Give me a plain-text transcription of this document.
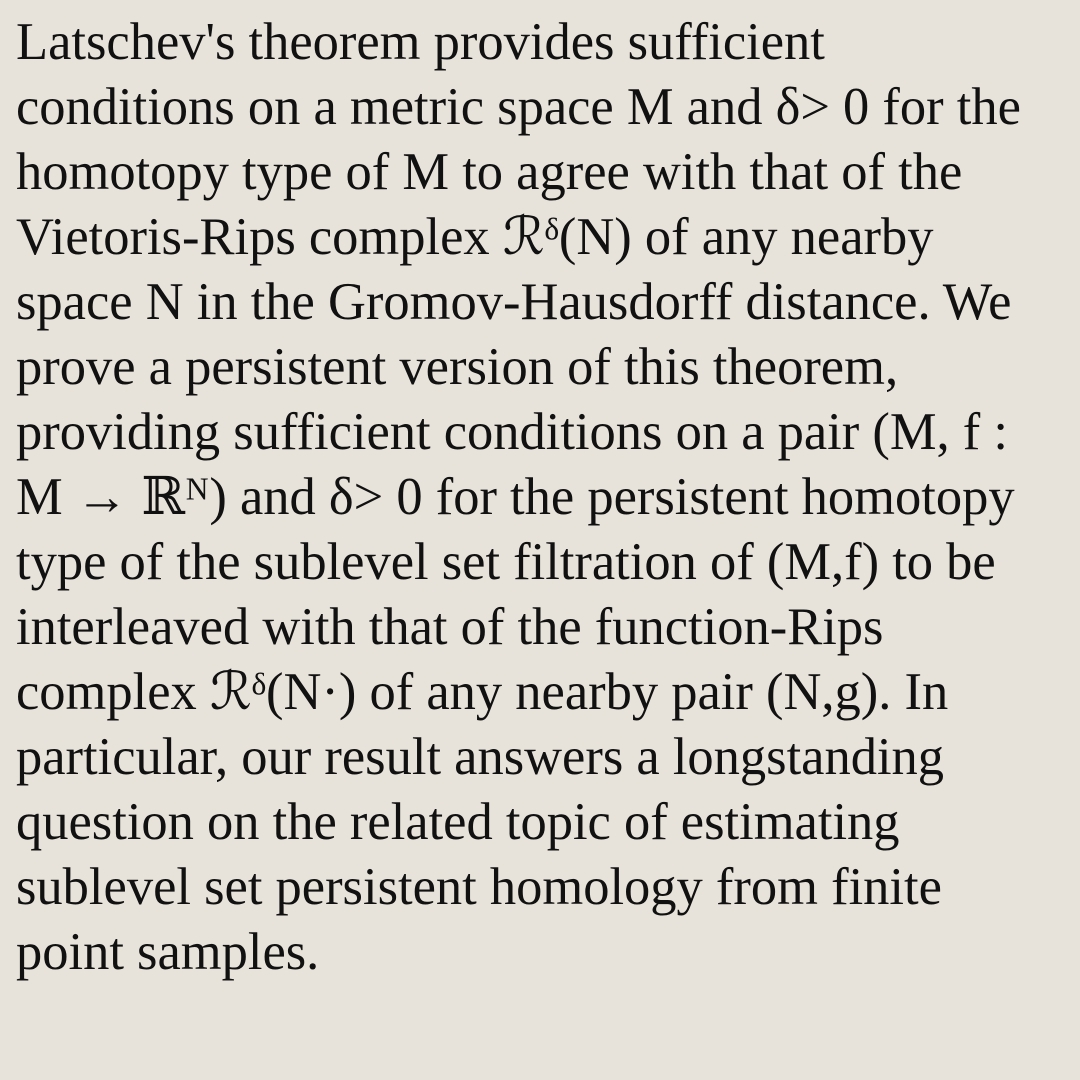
Latschev's theorem provides sufficient
conditions on a metric space M and δ> 0 for the
homotopy type of M to agree with that of the
Vietoris-Rips complex ℛᵟ(N) of any nearby
space N in the Gromov-Hausdorff distance. We
prove a persistent version of this theorem,
providing sufficient conditions on a pair (M, f :
M → ℝᴺ) and δ> 0 for the persistent homotopy
type of the sublevel set filtration of (M,f) to be
interleaved with that of the function-Rips
complex ℛᵟ(N·) of any nearby pair (N,g). In
particular, our result answers a longstanding
question on the related topic of estimating
sublevel set persistent homology from finite
point samples.
